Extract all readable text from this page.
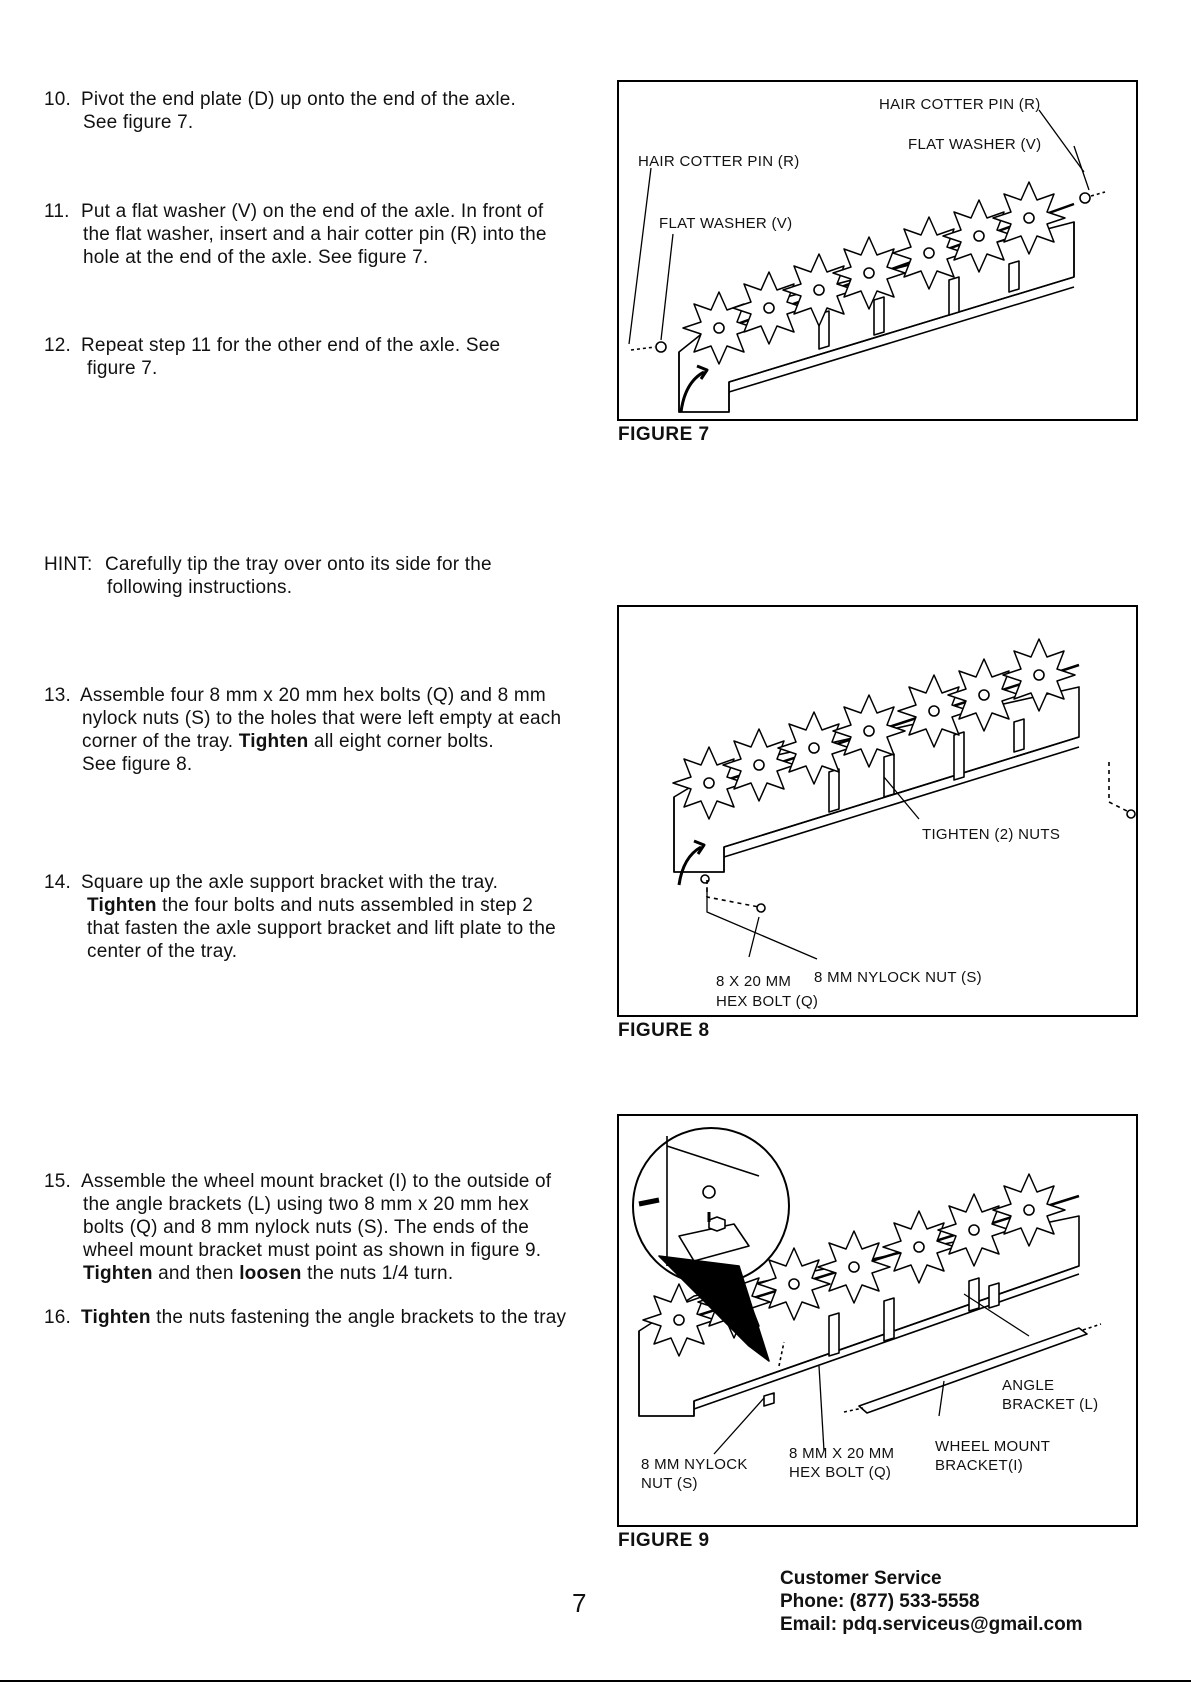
10. Pivot the end plate (D) up onto the end of the axle.
See figure 7.
11. Put a flat washer (V) on the end of the axle. In front of
the flat washer, insert and a hair cotter pin (R) into the
hole at the end of the axle. See figure 7.
12. Repeat step 11 for the other end of the axle. See
figure 7.
HINT: Carefully tip the tray over onto its side for the
following instructions.
13. Assemble four 8 mm x 20 mm hex bolts (Q) and 8 mm
nylock nuts (S) to the holes that were left empty at each
corner of the tray. Tighten all eight corner bolts.
See figure 8.
14. Square up the axle support bracket with the tray.
Tighten the four bolts and nuts assembled in step 2
that fasten the axle support bracket and lift plate to the
center of the tray.
15. Assemble the wheel mount bracket (I) to the outside of
the angle brackets (L) using two 8 mm x 20 mm hex
bolts (Q) and 8 mm nylock nuts (S). The ends of the
wheel mount bracket must point as shown in figure 9.
Tighten and then loosen the nuts 1/4 turn.
16. Tighten the nuts fastening the angle brackets to the tray
HAIR COTTER PIN (R)
FLAT WASHER (V)
HAIR COTTER PIN (R)
FLAT WASHER (V)
FIGURE 7
TIGHTEN (2) NUTS
8 X 20 MM
HEX BOLT (Q)
8 MM NYLOCK NUT (S)
FIGURE 8
ANGLE
BRACKET (L)
WHEEL MOUNT
BRACKET(I)
8 MM NYLOCK
NUT (S)
8 MM X 20 MM
HEX BOLT (Q)
FIGURE 9
7
Customer Service
Phone: (877) 533-5558
Email: pdq.serviceus@gmail.com
